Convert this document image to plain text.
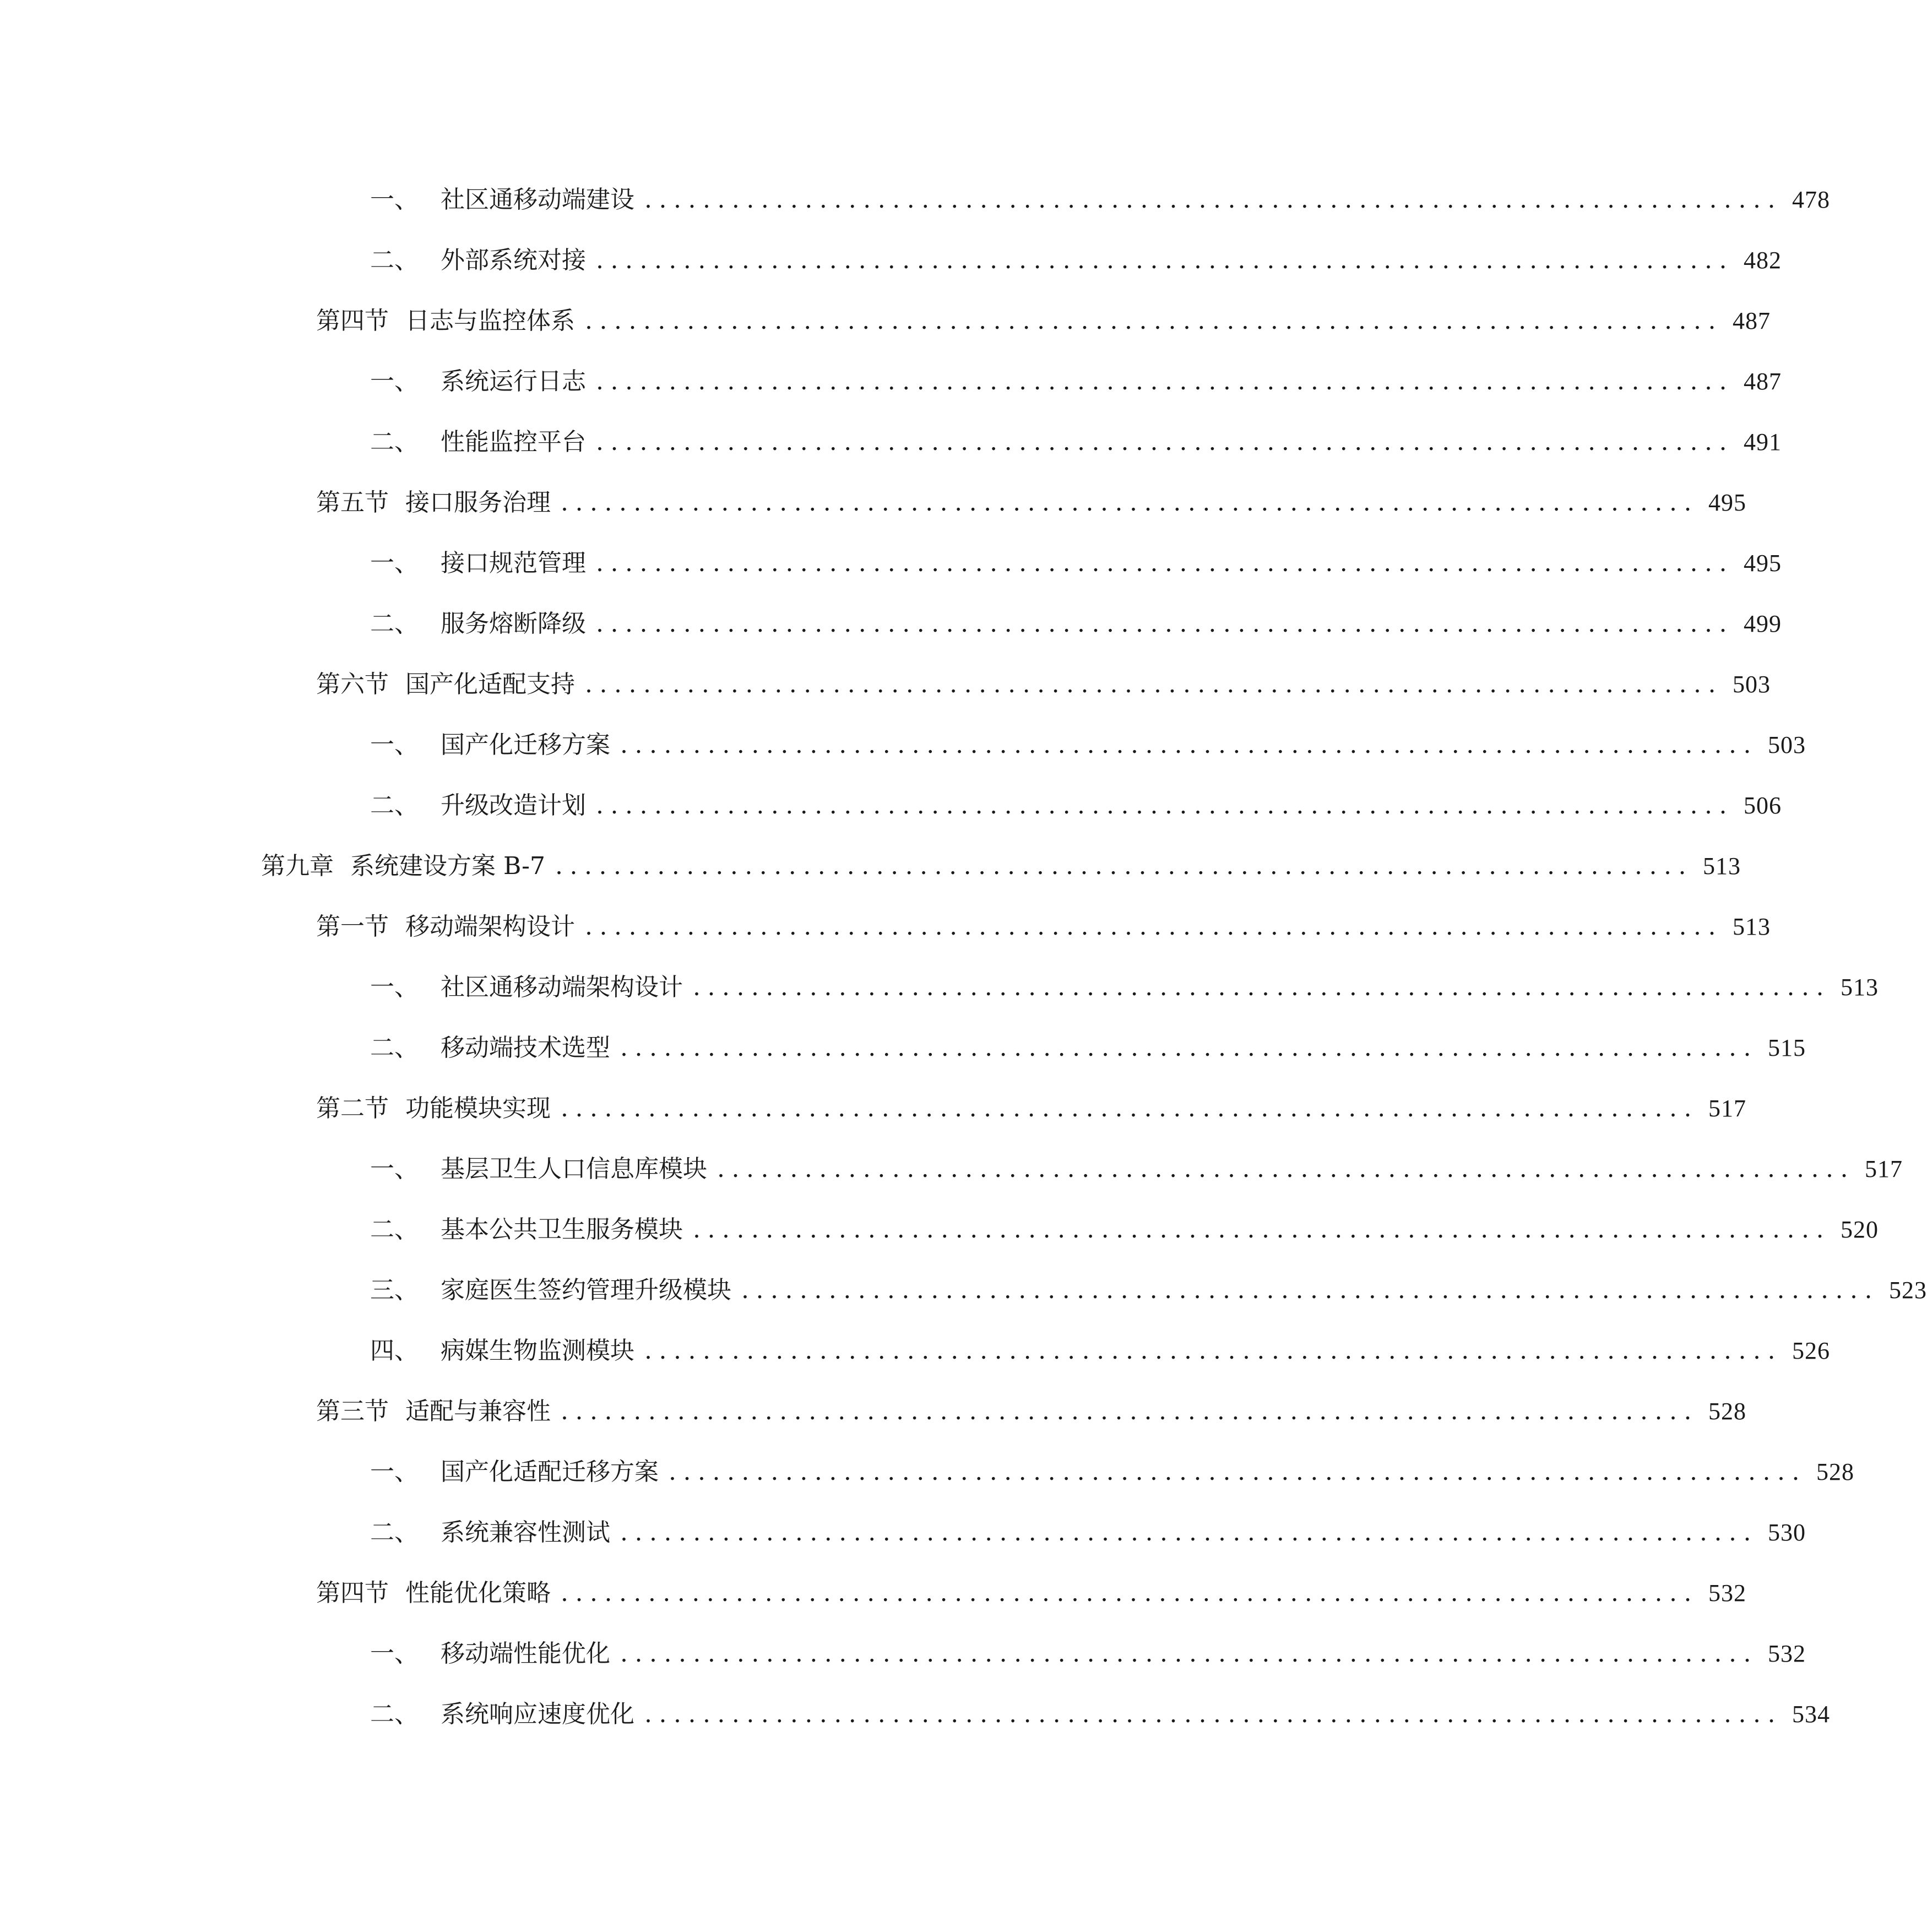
一、 社区通移动端建设 .............................................................................. 478
二、 外部系统对接 .............................................................................. 482
第四节 日志与监控体系 .............................................................................. 487
一、 系统运行日志 .............................................................................. 487
二、 性能监控平台 .............................................................................. 491
第五节 接口服务治理 .............................................................................. 495
一、 接口规范管理 .............................................................................. 495
二、 服务熔断降级 .............................................................................. 499
第六节 国产化适配支持 .............................................................................. 503
一、 国产化迁移方案 .............................................................................. 503
二、 升级改造计划 .............................................................................. 506
第九章 系统建设方案 B-7 .............................................................................. 513
第一节 移动端架构设计 .............................................................................. 513
一、 社区通移动端架构设计 .............................................................................. 513
二、 移动端技术选型 .............................................................................. 515
第二节 功能模块实现 .............................................................................. 517
一、 基层卫生人口信息库模块 .............................................................................. 517
二、 基本公共卫生服务模块 .............................................................................. 520
三、 家庭医生签约管理升级模块 .............................................................................. 523
四、 病媒生物监测模块 .............................................................................. 526
第三节 适配与兼容性 .............................................................................. 528
一、 国产化适配迁移方案 .............................................................................. 528
二、 系统兼容性测试 .............................................................................. 530
第四节 性能优化策略 .............................................................................. 532
一、 移动端性能优化 .............................................................................. 532
二、 系统响应速度优化 .............................................................................. 534
